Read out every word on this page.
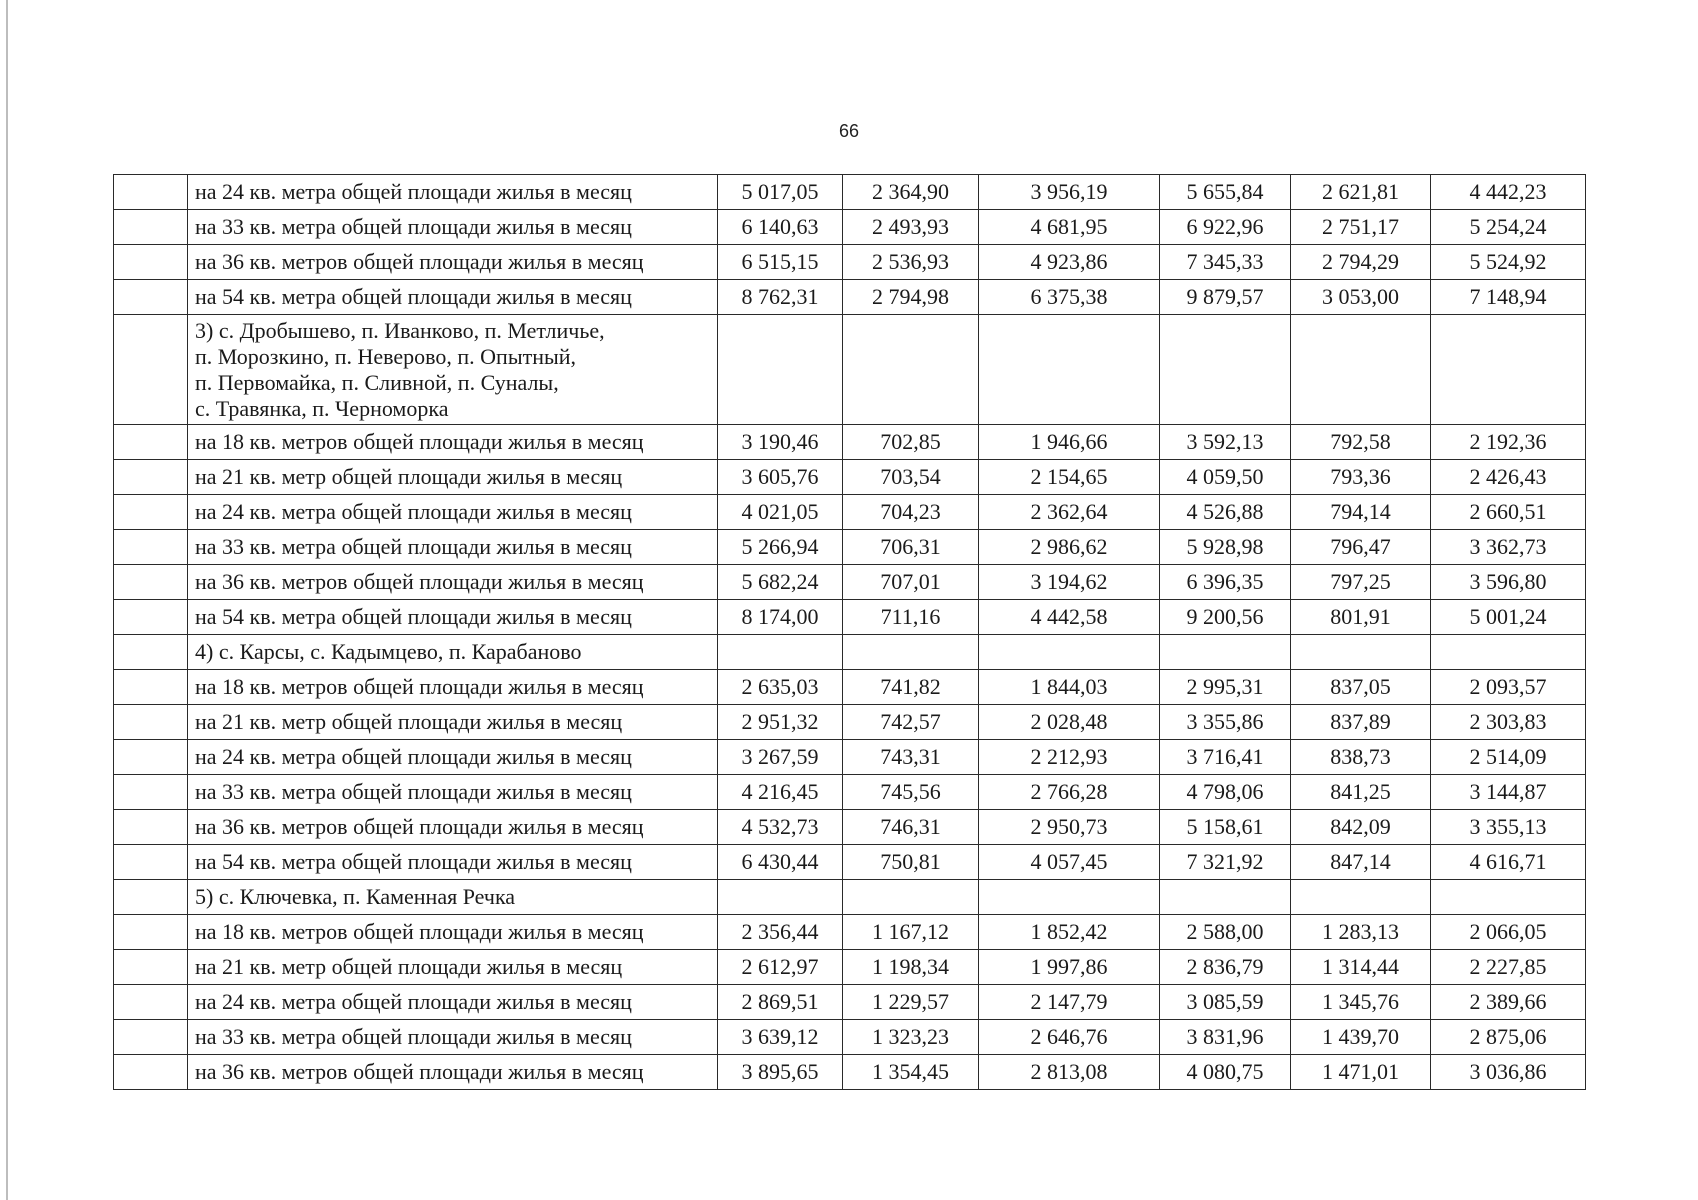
66
	на 24 кв. метра общей площади жилья в месяц	5 017,05	2 364,90	3 956,19	5 655,84	2 621,81	4 442,23
	на 33 кв. метра общей площади жилья в месяц	6 140,63	2 493,93	4 681,95	6 922,96	2 751,17	5 254,24
	на 36 кв. метров общей площади жилья в месяц	6 515,15	2 536,93	4 923,86	7 345,33	2 794,29	5 524,92
	на 54 кв. метра общей площади жилья в месяц	8 762,31	2 794,98	6 375,38	9 879,57	3 053,00	7 148,94

	3) с. Дробышево, п. Иванково, п. Метличье,
п. Морозкино, п. Неверово, п. Опытный,
п. Первомайка, п. Сливной, п. Суналы,
с. Травянка, п. Черноморка						

	на 18 кв. метров общей площади жилья в месяц	3 190,46	702,85	1 946,66	3 592,13	792,58	2 192,36
	на 21 кв. метр общей площади жилья в месяц	3 605,76	703,54	2 154,65	4 059,50	793,36	2 426,43
	на 24 кв. метра общей площади жилья в месяц	4 021,05	704,23	2 362,64	4 526,88	794,14	2 660,51
	на 33 кв. метра общей площади жилья в месяц	5 266,94	706,31	2 986,62	5 928,98	796,47	3 362,73
	на 36 кв. метров общей площади жилья в месяц	5 682,24	707,01	3 194,62	6 396,35	797,25	3 596,80
	на 54 кв. метра общей площади жилья в месяц	8 174,00	711,16	4 442,58	9 200,56	801,91	5 001,24

	4) с. Карсы, с. Кадымцево, п. Карабаново						

	на 18 кв. метров общей площади жилья в месяц	2 635,03	741,82	1 844,03	2 995,31	837,05	2 093,57
	на 21 кв. метр общей площади жилья в месяц	2 951,32	742,57	2 028,48	3 355,86	837,89	2 303,83
	на 24 кв. метра общей площади жилья в месяц	3 267,59	743,31	2 212,93	3 716,41	838,73	2 514,09
	на 33 кв. метра общей площади жилья в месяц	4 216,45	745,56	2 766,28	4 798,06	841,25	3 144,87
	на 36 кв. метров общей площади жилья в месяц	4 532,73	746,31	2 950,73	5 158,61	842,09	3 355,13
	на 54 кв. метра общей площади жилья в месяц	6 430,44	750,81	4 057,45	7 321,92	847,14	4 616,71

	5) с. Ключевка, п. Каменная Речка						

	на 18 кв. метров общей площади жилья в месяц	2 356,44	1 167,12	1 852,42	2 588,00	1 283,13	2 066,05
	на 21 кв. метр общей площади жилья в месяц	2 612,97	1 198,34	1 997,86	2 836,79	1 314,44	2 227,85
	на 24 кв. метра общей площади жилья в месяц	2 869,51	1 229,57	2 147,79	3 085,59	1 345,76	2 389,66
	на 33 кв. метра общей площади жилья в месяц	3 639,12	1 323,23	2 646,76	3 831,96	1 439,70	2 875,06
	на 36 кв. метров общей площади жилья в месяц	3 895,65	1 354,45	2 813,08	4 080,75	1 471,01	3 036,86
